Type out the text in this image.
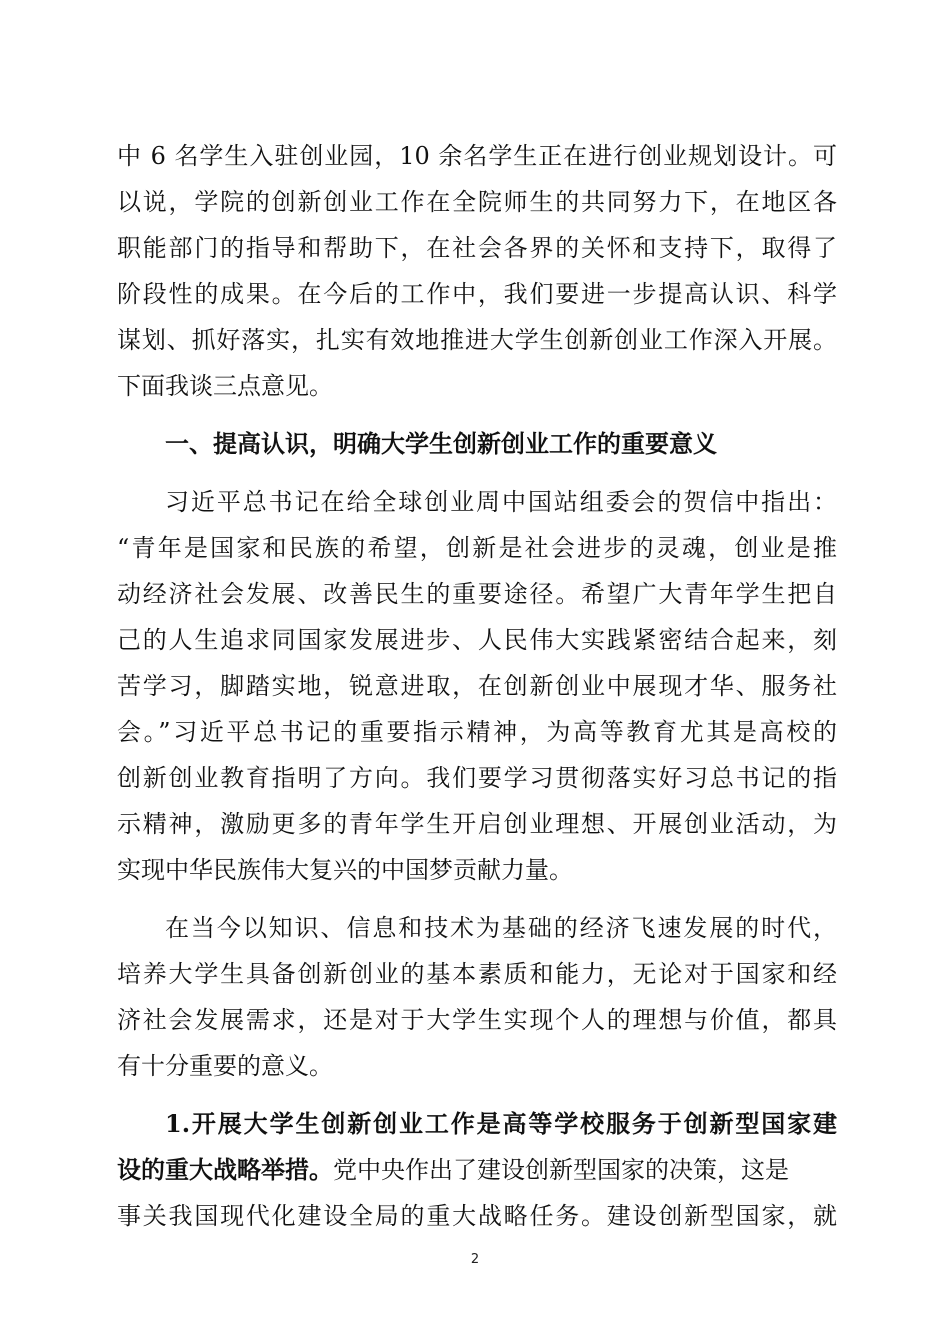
中 6 名学生入驻创业园，10 余名学生正在进行创业规划设计。可
以说，学院的创新创业工作在全院师生的共同努力下，在地区各
职能部门的指导和帮助下，在社会各界的关怀和支持下，取得了
阶段性的成果。在今后的工作中，我们要进一步提高认识、科学
谋划、抓好落实，扎实有效地推进大学生创新创业工作深入开展。
下面我谈三点意见。
一、提高认识，明确大学生创新创业工作的重要意义
习近平总书记在给全球创业周中国站组委会的贺信中指出：
“青年是国家和民族的希望，创新是社会进步的灵魂，创业是推
动经济社会发展、改善民生的重要途径。希望广大青年学生把自
己的人生追求同国家发展进步、人民伟大实践紧密结合起来，刻
苦学习，脚踏实地，锐意进取，在创新创业中展现才华、服务社
会。”习近平总书记的重要指示精神，为高等教育尤其是高校的
创新创业教育指明了方向。我们要学习贯彻落实好习总书记的指
示精神，激励更多的青年学生开启创业理想、开展创业活动，为
实现中华民族伟大复兴的中国梦贡献力量。
在当今以知识、信息和技术为基础的经济飞速发展的时代，
培养大学生具备创新创业的基本素质和能力，无论对于国家和经
济社会发展需求，还是对于大学生实现个人的理想与价值，都具
有十分重要的意义。
1.开展大学生创新创业工作是高等学校服务于创新型国家建
设的重大战略举措。党中央作出了建设创新型国家的决策，这是
事关我国现代化建设全局的重大战略任务。建设创新型国家，就
2
